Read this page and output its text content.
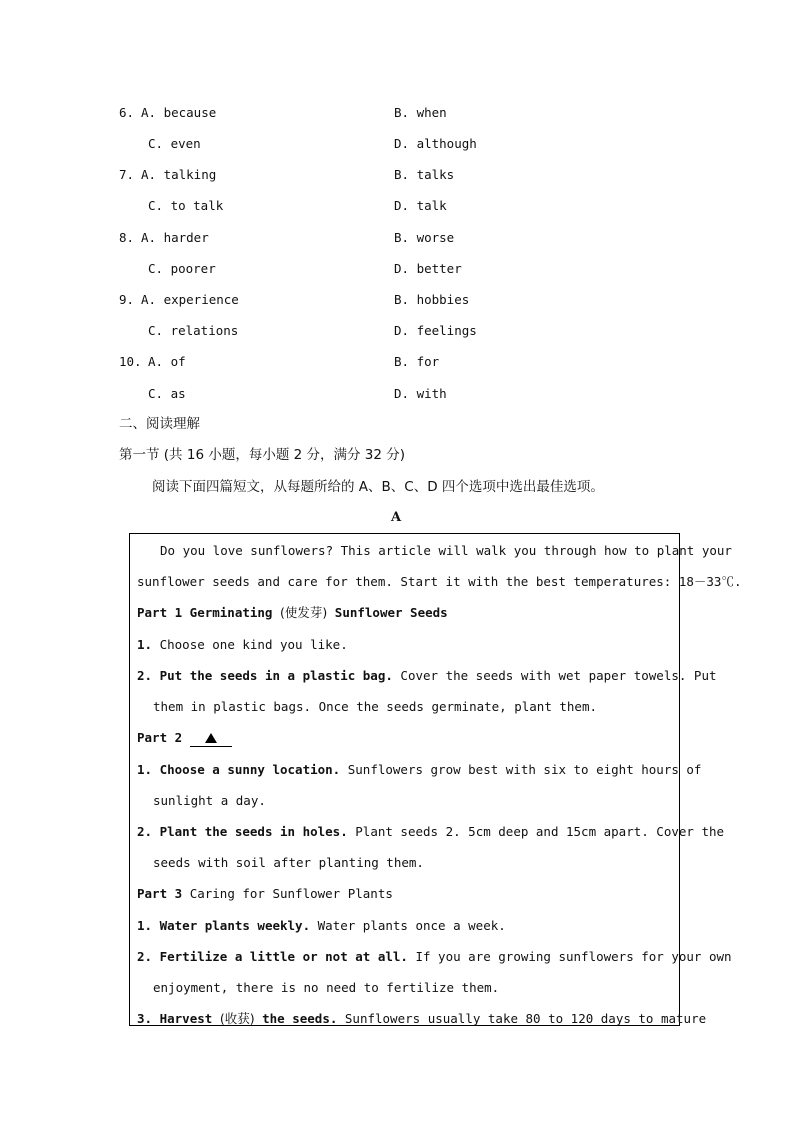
6. A. because	B. when
C. even	D. although
7. A. talking	B. talks
C. to talk	D. talk
8. A. harder	B. worse
C. poorer	D. better
9. A. experience	B. hobbies
C. relations	D. feelings
10. A. of	B. for
C. as	D. with
二、阅读理解
第一节 (共 16 小题，每小题 2 分，满分 32 分)
阅读下面四篇短文，从每题所给的 A、B、C、D 四个选项中选出最佳选项。
A
Do you love sunflowers? This article will walk you through how to plant your
sunflower seeds and care for them. Start it with the best temperatures: 18－33℃.
Part 1 Germinating (使发芽) Sunflower Seeds
1. Choose one kind you like.
2. Put the seeds in a plastic bag. Cover the seeds with wet paper towels. Put
them in plastic bags. Once the seeds germinate, plant them.
Part 2
1. Choose a sunny location. Sunflowers grow best with six to eight hours of
sunlight a day.
2. Plant the seeds in holes. Plant seeds 2. 5cm deep and 15cm apart. Cover the
seeds with soil after planting them.
Part 3 Caring for Sunflower Plants
1. Water plants weekly. Water plants once a week.
2. Fertilize a little or not at all. If you are growing sunflowers for your own
enjoyment, there is no need to fertilize them.
3. Harvest (收获) the seeds. Sunflowers usually take 80 to 120 days to mature
